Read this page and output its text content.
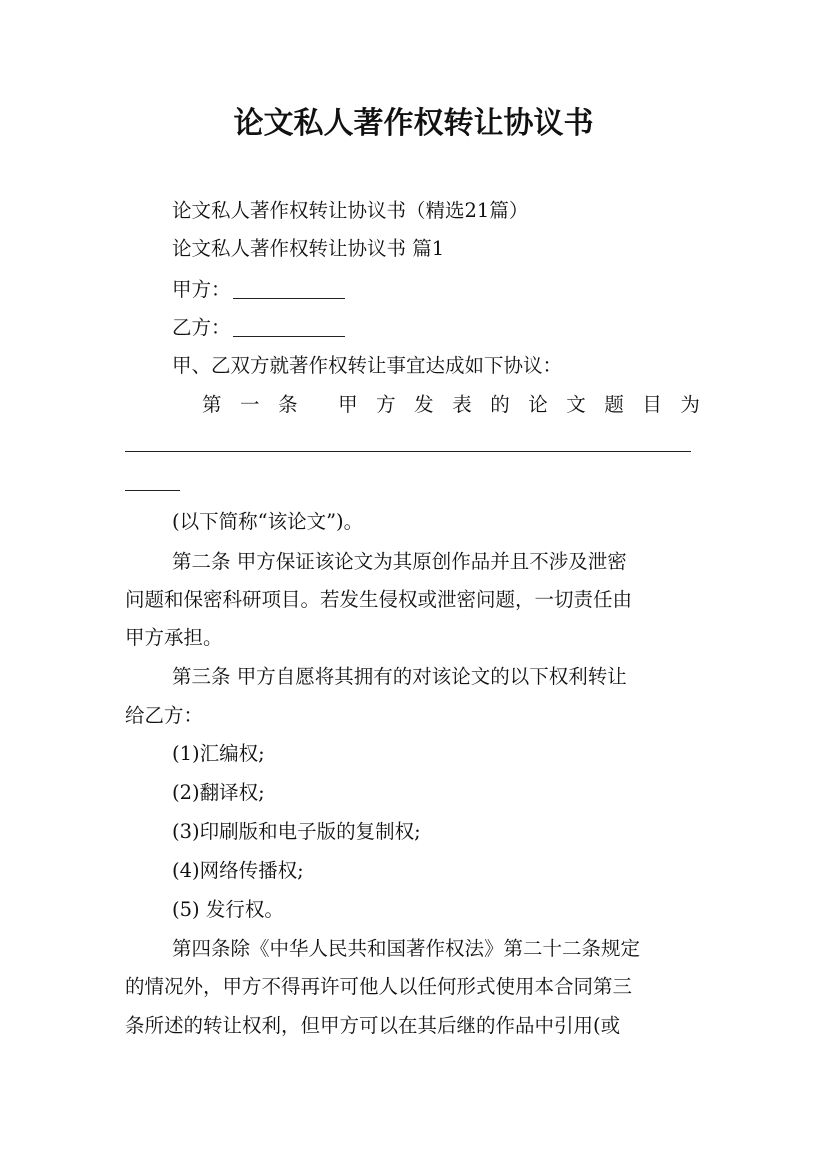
论文私人著作权转让协议书
论文私人著作权转让协议书（精选21篇）
论文私人著作权转让协议书 篇1
甲方：
乙方：
甲、乙双方就著作权转让事宜达成如下协议：
第 一 条 甲 方 发 表 的 论 文 题 目 为
(以下简称“该论文”)。
第二条 甲方保证该论文为其原创作品并且不涉及泄密
问题和保密科研项目。若发生侵权或泄密问题，一切责任由
甲方承担。
第三条 甲方自愿将其拥有的对该论文的以下权利转让
给乙方：
(1)汇编权;
(2)翻译权;
(3)印刷版和电子版的复制权;
(4)网络传播权;
(5) 发行权。
第四条除《中华人民共和国著作权法》第二十二条规定
的情况外，甲方不得再许可他人以任何形式使用本合同第三
条所述的转让权利，但甲方可以在其后继的作品中引用(或
